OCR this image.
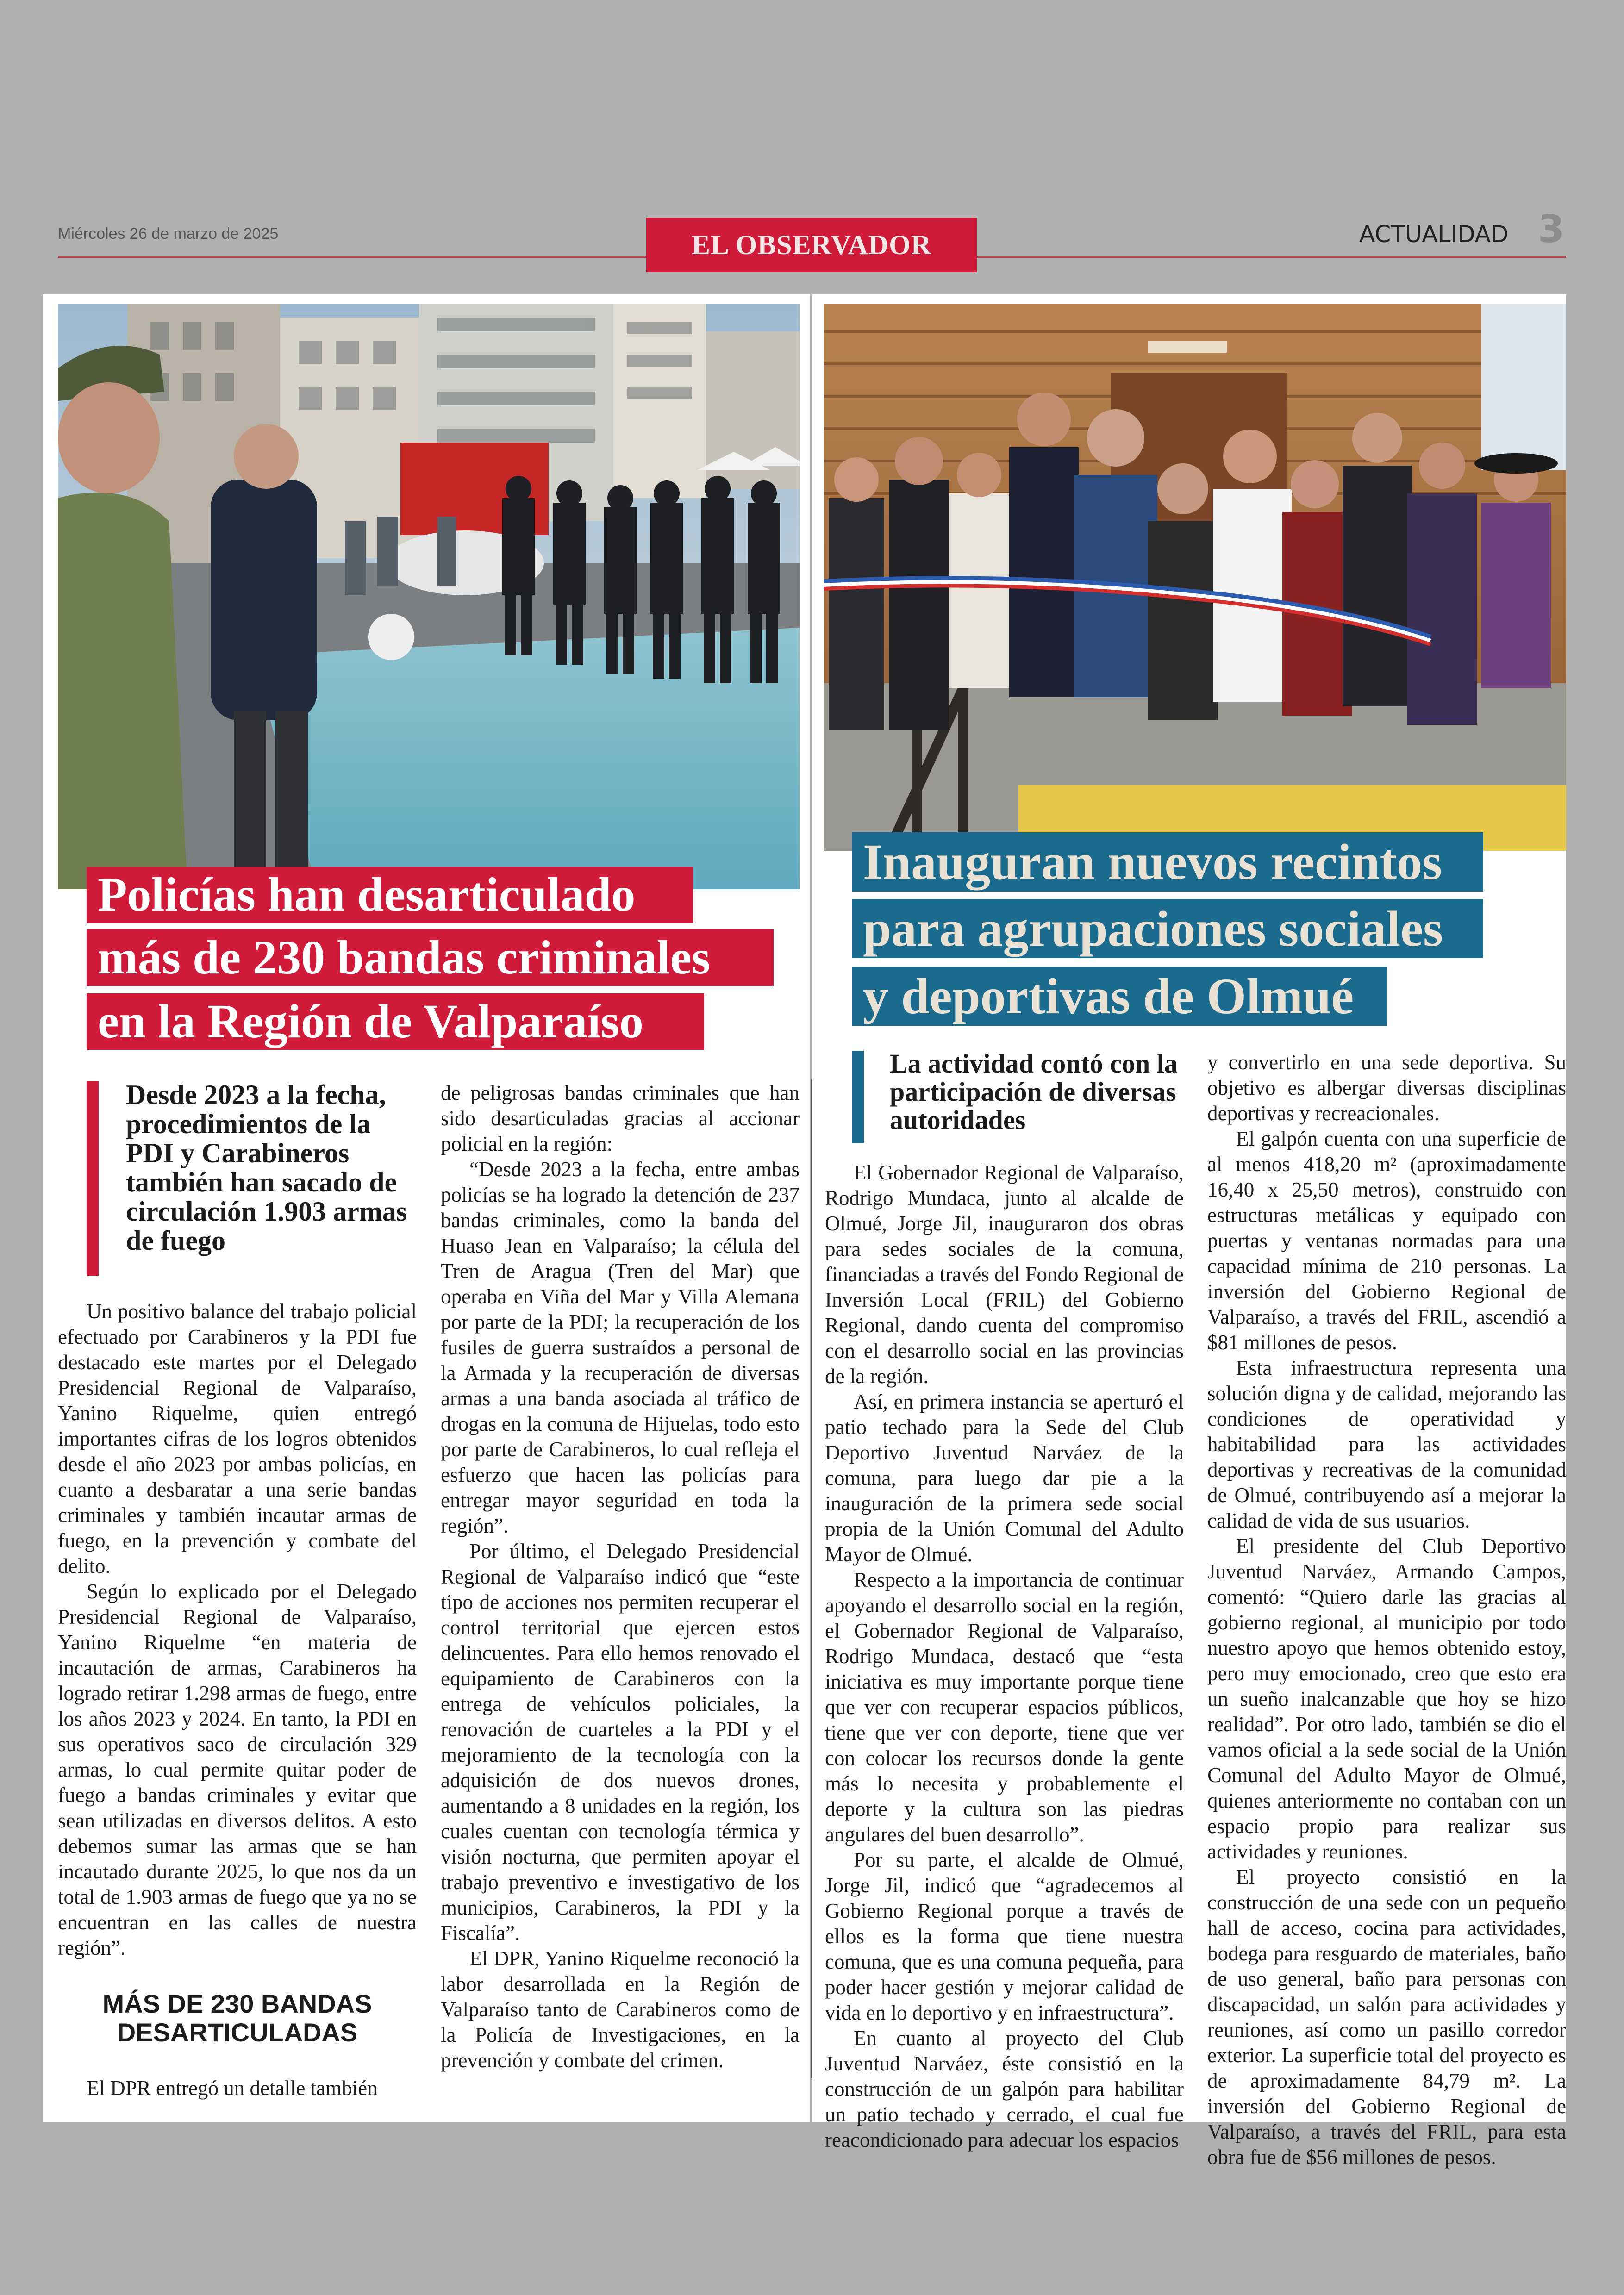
Miércoles 26 de marzo de 2025	EL OBSERVADOR	ACTUALIDAD 3
Policías han desarticulado
más de 230 bandas criminales
en la Región de Valparaíso
Inauguran nuevos recintos
para agrupaciones sociales
y deportivas de Olmué
Desde 2023 a la fecha, procedimientos de la PDI y Carabineros también han sacado de circulación 1.903 armas de fuego

Un positivo balance del trabajo policial efectuado por Carabineros y la PDI fue destacado este martes por el Delegado Presidencial Regional de Valparaíso, Yanino Riquelme, quien entregó importantes cifras de los logros obtenidos desde el año 2023 por ambas policías, en cuanto a desbaratar a una serie bandas criminales y también incautar armas de fuego, en la prevención y combate del delito.

Según lo explicado por el Delegado Presidencial Regional de Valparaíso, Yanino Riquelme “en materia de incautación de armas, Carabineros ha logrado retirar 1.298 armas de fuego, entre los años 2023 y 2024. En tanto, la PDI en sus operativos saco de circulación 329 armas, lo cual permite quitar poder de fuego a bandas criminales y evitar que sean utilizadas en diversos delitos. A esto debemos sumar las armas que se han incautado durante 2025, lo que nos da un total de 1.903 armas de fuego que ya no se encuentran en las calles de nuestra región”.

MÁS DE 230 BANDAS DESARTICULADAS

El DPR entregó un detalle también

de peligrosas bandas criminales que han sido desarticuladas gracias al accionar policial en la región:

“Desde 2023 a la fecha, entre ambas policías se ha logrado la detención de 237 bandas criminales, como la banda del Huaso Jean en Valparaíso; la célula del Tren de Aragua (Tren del Mar) que operaba en Viña del Mar y Villa Alemana por parte de la PDI; la recuperación de los fusiles de guerra sustraídos a personal de la Armada y la recuperación de diversas armas a una banda asociada al tráfico de drogas en la comuna de Hijuelas, todo esto por parte de Carabineros, lo cual refleja el esfuerzo que hacen las policías para entregar mayor seguridad en toda la región”.

Por último, el Delegado Presidencial Regional de Valparaíso indicó que “este tipo de acciones nos permiten recuperar el control territorial que ejercen estos delincuentes. Para ello hemos renovado el equipamiento de Carabineros con la entrega de vehículos policiales, la renovación de cuarteles a la PDI y el mejoramiento de la tecnología con la adquisición de dos nuevos drones, aumentando a 8 unidades en la región, los cuales cuentan con tecnología térmica y visión nocturna, que permiten apoyar el trabajo preventivo e investigativo de los municipios, Carabineros, la PDI y la Fiscalía”.

El DPR, Yanino Riquelme reconoció la labor desarrollada en la Región de Valparaíso tanto de Carabineros como de la Policía de Investigaciones, en la prevención y combate del crimen.

La actividad contó con la participación de diversas autoridades

El Gobernador Regional de Valparaíso, Rodrigo Mundaca, junto al alcalde de Olmué, Jorge Jil, inauguraron dos obras para sedes sociales de la comuna, financiadas a través del Fondo Regional de Inversión Local (FRIL) del Gobierno Regional, dando cuenta del compromiso con el desarrollo social en las provincias de la región.

Así, en primera instancia se aperturó el patio techado para la Sede del Club Deportivo Juventud Narváez de la comuna, para luego dar pie a la inauguración de la primera sede social propia de la Unión Comunal del Adulto Mayor de Olmué.

Respecto a la importancia de continuar apoyando el desarrollo social en la región, el Gobernador Regional de Valparaíso, Rodrigo Mundaca, destacó que “esta iniciativa es muy importante porque tiene que ver con recuperar espacios públicos, tiene que ver con deporte, tiene que ver con colocar los recursos donde la gente más lo necesita y probablemente el deporte y la cultura son las piedras angulares del buen desarrollo”.

Por su parte, el alcalde de Olmué, Jorge Jil, indicó que “agradecemos al Gobierno Regional porque a través de ellos es la forma que tiene nuestra comuna, que es una comuna pequeña, para poder hacer gestión y mejorar calidad de vida en lo deportivo y en infraestructura”.

En cuanto al proyecto del Club Juventud Narváez, éste consistió en la construcción de un galpón para habilitar un patio techado y cerrado, el cual fue reacondicionado para adecuar los espacios

y convertirlo en una sede deportiva. Su objetivo es albergar diversas disciplinas deportivas y recreacionales.

El galpón cuenta con una superficie de al menos 418,20 m² (aproximadamente 16,40 x 25,50 metros), construido con estructuras metálicas y equipado con puertas y ventanas normadas para una capacidad mínima de 210 personas. La inversión del Gobierno Regional de Valparaíso, a través del FRIL, ascendió a $81 millones de pesos.

Esta infraestructura representa una solución digna y de calidad, mejorando las condiciones de operatividad y habitabilidad para las actividades deportivas y recreativas de la comunidad de Olmué, contribuyendo así a mejorar la calidad de vida de sus usuarios.

El presidente del Club Deportivo Juventud Narváez, Armando Campos, comentó: “Quiero darle las gracias al gobierno regional, al municipio por todo nuestro apoyo que hemos obtenido estoy, pero muy emocionado, creo que esto era un sueño inalcanzable que hoy se hizo realidad”. Por otro lado, también se dio el vamos oficial a la sede social de la Unión Comunal del Adulto Mayor de Olmué, quienes anteriormente no contaban con un espacio propio para realizar sus actividades y reuniones.

El proyecto consistió en la construcción de una sede con un pequeño hall de acceso, cocina para actividades, bodega para resguardo de materiales, baño de uso general, baño para personas con discapacidad, un salón para actividades y reuniones, así como un pasillo corredor exterior. La superficie total del proyecto es de aproximadamente 84,79 m². La inversión del Gobierno Regional de Valparaíso, a través del FRIL, para esta obra fue de $56 millones de pesos.
